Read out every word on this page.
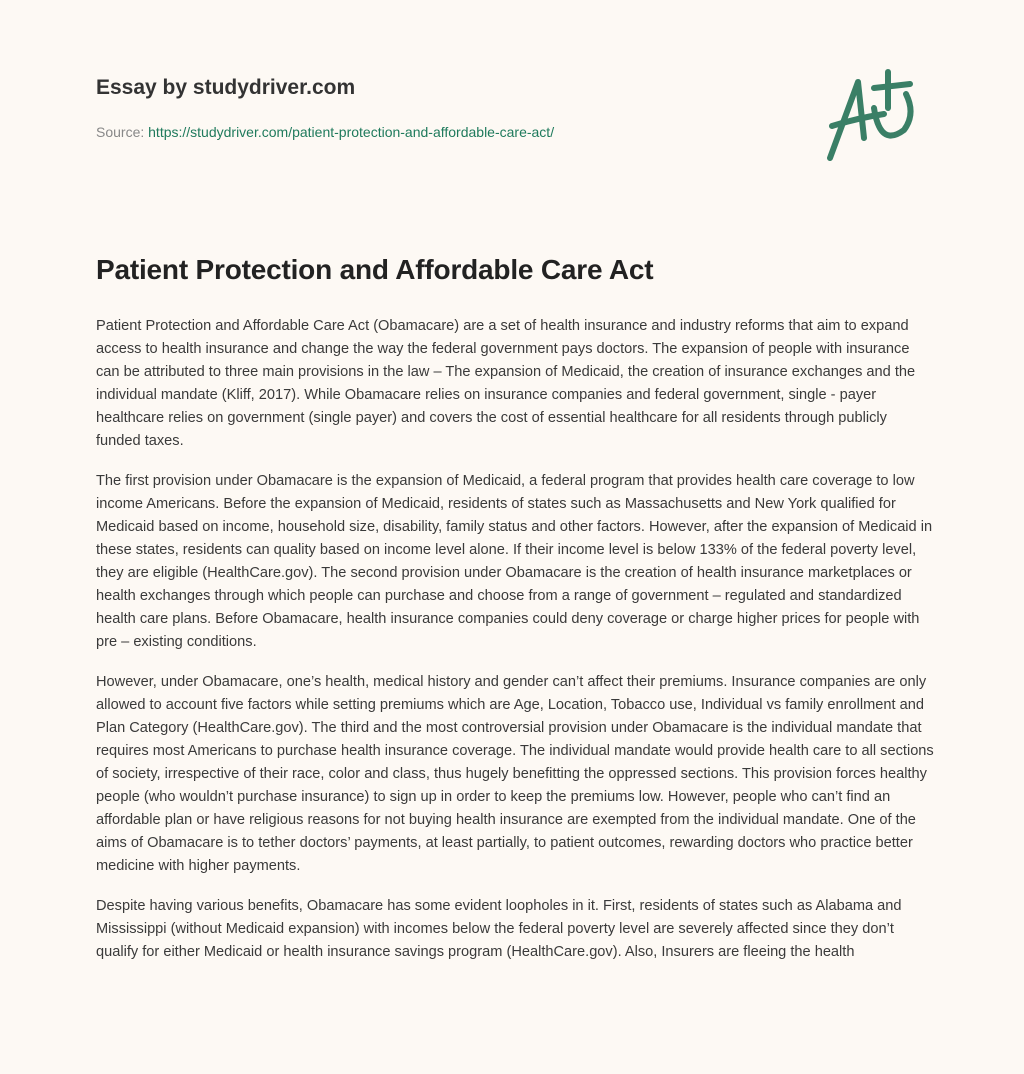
Essay by studydriver.com
Source: https://studydriver.com/patient-protection-and-affordable-care-act/
Patient Protection and Affordable Care Act

Patient Protection and Affordable Care Act (Obamacare) are a set of health insurance and industry reforms that aim to expand access to health insurance and change the way the federal government pays doctors. The expansion of people with insurance can be attributed to three main provisions in the law – The expansion of Medicaid, the creation of insurance exchanges and the individual mandate (Kliff, 2017). While Obamacare relies on insurance companies and federal government, single - payer healthcare relies on government (single payer) and covers the cost of essential healthcare for all residents through publicly funded taxes.

The first provision under Obamacare is the expansion of Medicaid, a federal program that provides health care coverage to low income Americans. Before the expansion of Medicaid, residents of states such as Massachusetts and New York qualified for Medicaid based on income, household size, disability, family status and other factors. However, after the expansion of Medicaid in these states, residents can quality based on income level alone. If their income level is below 133% of the federal poverty level, they are eligible (HealthCare.gov). The second provision under Obamacare is the creation of health insurance marketplaces or health exchanges through which people can purchase and choose from a range of government – regulated and standardized health care plans. Before Obamacare, health insurance companies could deny coverage or charge higher prices for people with pre – existing conditions.

However, under Obamacare, one’s health, medical history and gender can’t affect their premiums. Insurance companies are only allowed to account five factors while setting premiums which are Age, Location, Tobacco use, Individual vs family enrollment and Plan Category (HealthCare.gov). The third and the most controversial provision under Obamacare is the individual mandate that requires most Americans to purchase health insurance coverage. The individual mandate would provide health care to all sections of society, irrespective of their race, color and class, thus hugely benefitting the oppressed sections. This provision forces healthy people (who wouldn’t purchase insurance) to sign up in order to keep the premiums low. However, people who can’t find an affordable plan or have religious reasons for not buying health insurance are exempted from the individual mandate. One of the aims of Obamacare is to tether doctors’ payments, at least partially, to patient outcomes, rewarding doctors who practice better medicine with higher payments.

Despite having various benefits, Obamacare has some evident loopholes in it. First, residents of states such as Alabama and Mississippi (without Medicaid expansion) with incomes below the federal poverty level are severely affected since they don’t qualify for either Medicaid or health insurance savings program (HealthCare.gov). Also, Insurers are fleeing the health
